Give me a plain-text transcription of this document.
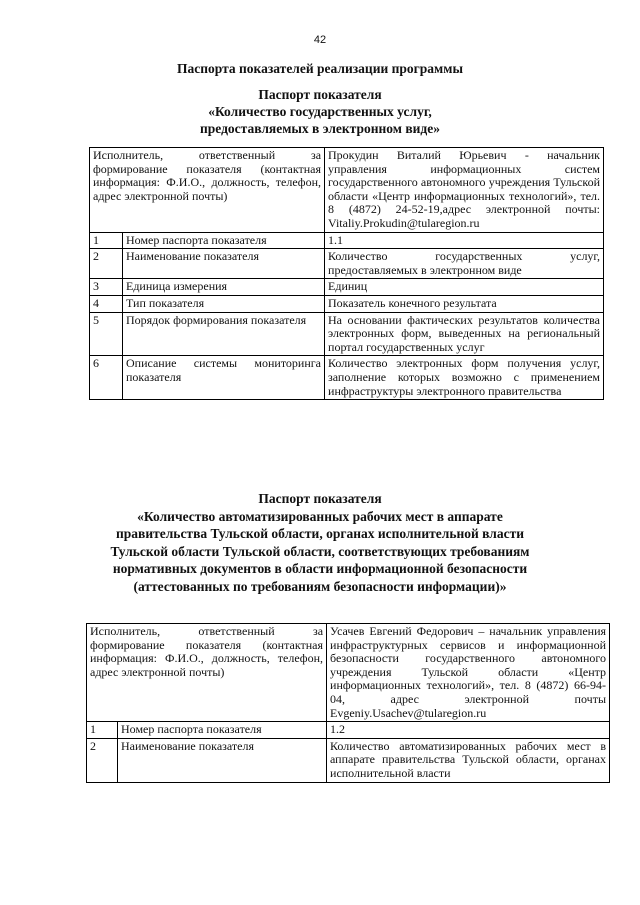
42
Паспорта показателей реализации программы
Паспорт показателя
«Количество государственных услуг,
предоставляемых в электронном виде»
Исполнитель, ответственный за формирование показателя (контактная информация: Ф.И.О., должность, телефон, адрес электронной почты)		Прокудин Виталий Юрьевич - начальник управления информационных систем государственного автономного учреждения Тульской области «Центр информационных технологий», тел. 8 (4872) 24-52-19,адрес электронной почты: Vitaliy.Prokudin@tularegion.ru
1	Номер паспорта показателя	1.1
2	Наименование показателя	Количество государственных услуг, предоставляемых в электронном виде
3	Единица измерения	Единиц
4	Тип показателя	Показатель конечного результата
5	Порядок формирования показателя	На основании фактических результатов количества электронных форм, выведенных на региональный портал государственных услуг
6	Описание системы мониторинга показателя	Количество электронных форм получения услуг, заполнение которых возможно с применением инфраструктуры электронного правительства
Паспорт показателя
«Количество автоматизированных рабочих мест в аппарате
правительства Тульской области, органах исполнительной власти
Тульской области Тульской области, соответствующих требованиям
нормативных документов в области информационной безопасности
(аттестованных по требованиям безопасности информации)»
Исполнитель, ответственный за формирование показателя (контактная информация: Ф.И.О., должность, телефон, адрес электронной почты)		Усачев Евгений Федорович – начальник управления инфраструктурных сервисов и информационной безопасности государственного автономного учреждения Тульской области «Центр информационных технологий», тел. 8 (4872) 66-94-04, адрес электронной почты Evgeniy.Usachev@tularegion.ru
1	Номер паспорта показателя	1.2
2	Наименование показателя	Количество автоматизированных рабочих мест в аппарате правительства Тульской области, органах исполнительной власти
